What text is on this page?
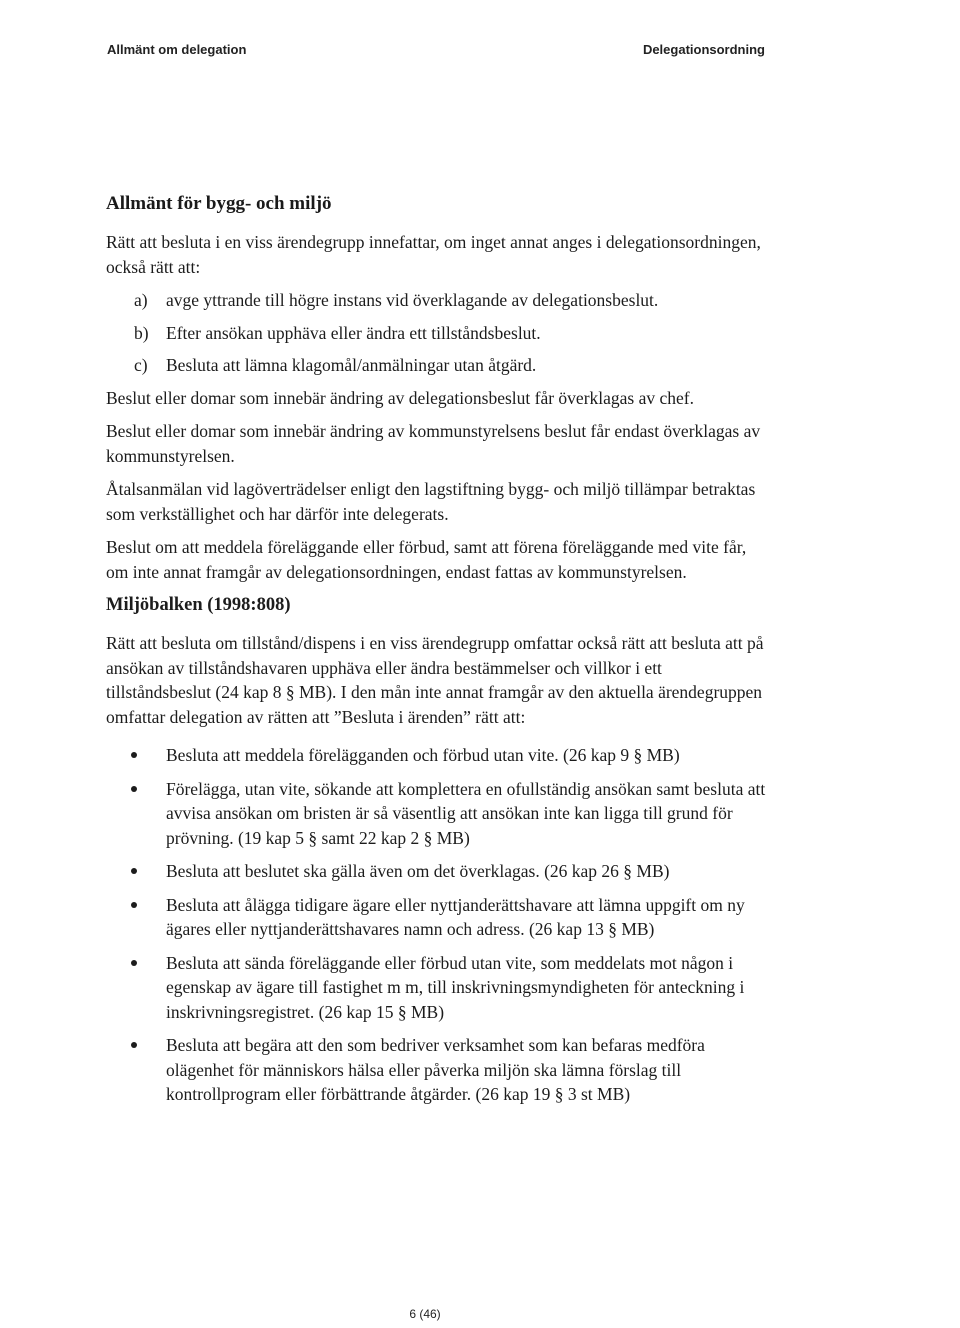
Allmänt om delegation	Delegationsordning
Allmänt för bygg- och miljö

Rätt att besluta i en viss ärendegrupp innefattar, om inget annat anges i delegationsordningen, också rätt att:

a)	avge yttrande till högre instans vid överklagande av delegationsbeslut.
b) Efter ansökan upphäva eller ändra ett tillståndsbeslut.
c)	Besluta att lämna klagomål/anmälningar utan åtgärd.

Beslut eller domar som innebär ändring av delegationsbeslut får överklagas av chef.

Beslut eller domar som innebär ändring av kommunstyrelsens beslut får endast överklagas av kommunstyrelsen.

Åtalsanmälan vid lagöverträdelser enligt den lagstiftning bygg- och miljö tillämpar betraktas som verkställighet och har därför inte delegerats.

Beslut om att meddela föreläggande eller förbud, samt att förena föreläggande med vite får, om inte annat framgår av delegationsordningen, endast fattas av kommunstyrelsen.

Miljöbalken (1998:808)

Rätt att besluta om tillstånd/dispens i en viss ärendegrupp omfattar också rätt att besluta att på ansökan av tillståndshavaren upphäva eller ändra bestämmelser och villkor i ett tillståndsbeslut (24 kap 8 § MB). I den mån inte annat framgår av den aktuella ärendegruppen omfattar delegation av rätten att ”Besluta i ärenden” rätt att:

Besluta att meddela förelägganden och förbud utan vite. (26 kap 9 § MB)
Förelägga, utan vite, sökande att komplettera en ofullständig ansökan samt besluta att avvisa ansökan om bristen är så väsentlig att ansökan inte kan ligga till grund för prövning. (19 kap 5 § samt 22 kap 2 § MB)
Besluta att beslutet ska gälla även om det överklagas. (26 kap 26 § MB)
Besluta att ålägga tidigare ägare eller nyttjanderättshavare att lämna uppgift om ny ägares eller nyttjanderättshavares namn och adress. (26 kap 13 § MB)
Besluta att sända föreläggande eller förbud utan vite, som meddelats mot någon i egenskap av ägare till fastighet m m, till inskrivningsmyndigheten för anteckning i inskrivningsregistret. (26 kap 15 § MB)
Besluta att begära att den som bedriver verksamhet som kan befaras medföra olägenhet för människors hälsa eller påverka miljön ska lämna förslag till kontrollprogram eller förbättrande åtgärder. (26 kap 19 § 3 st MB)
6 (46)
